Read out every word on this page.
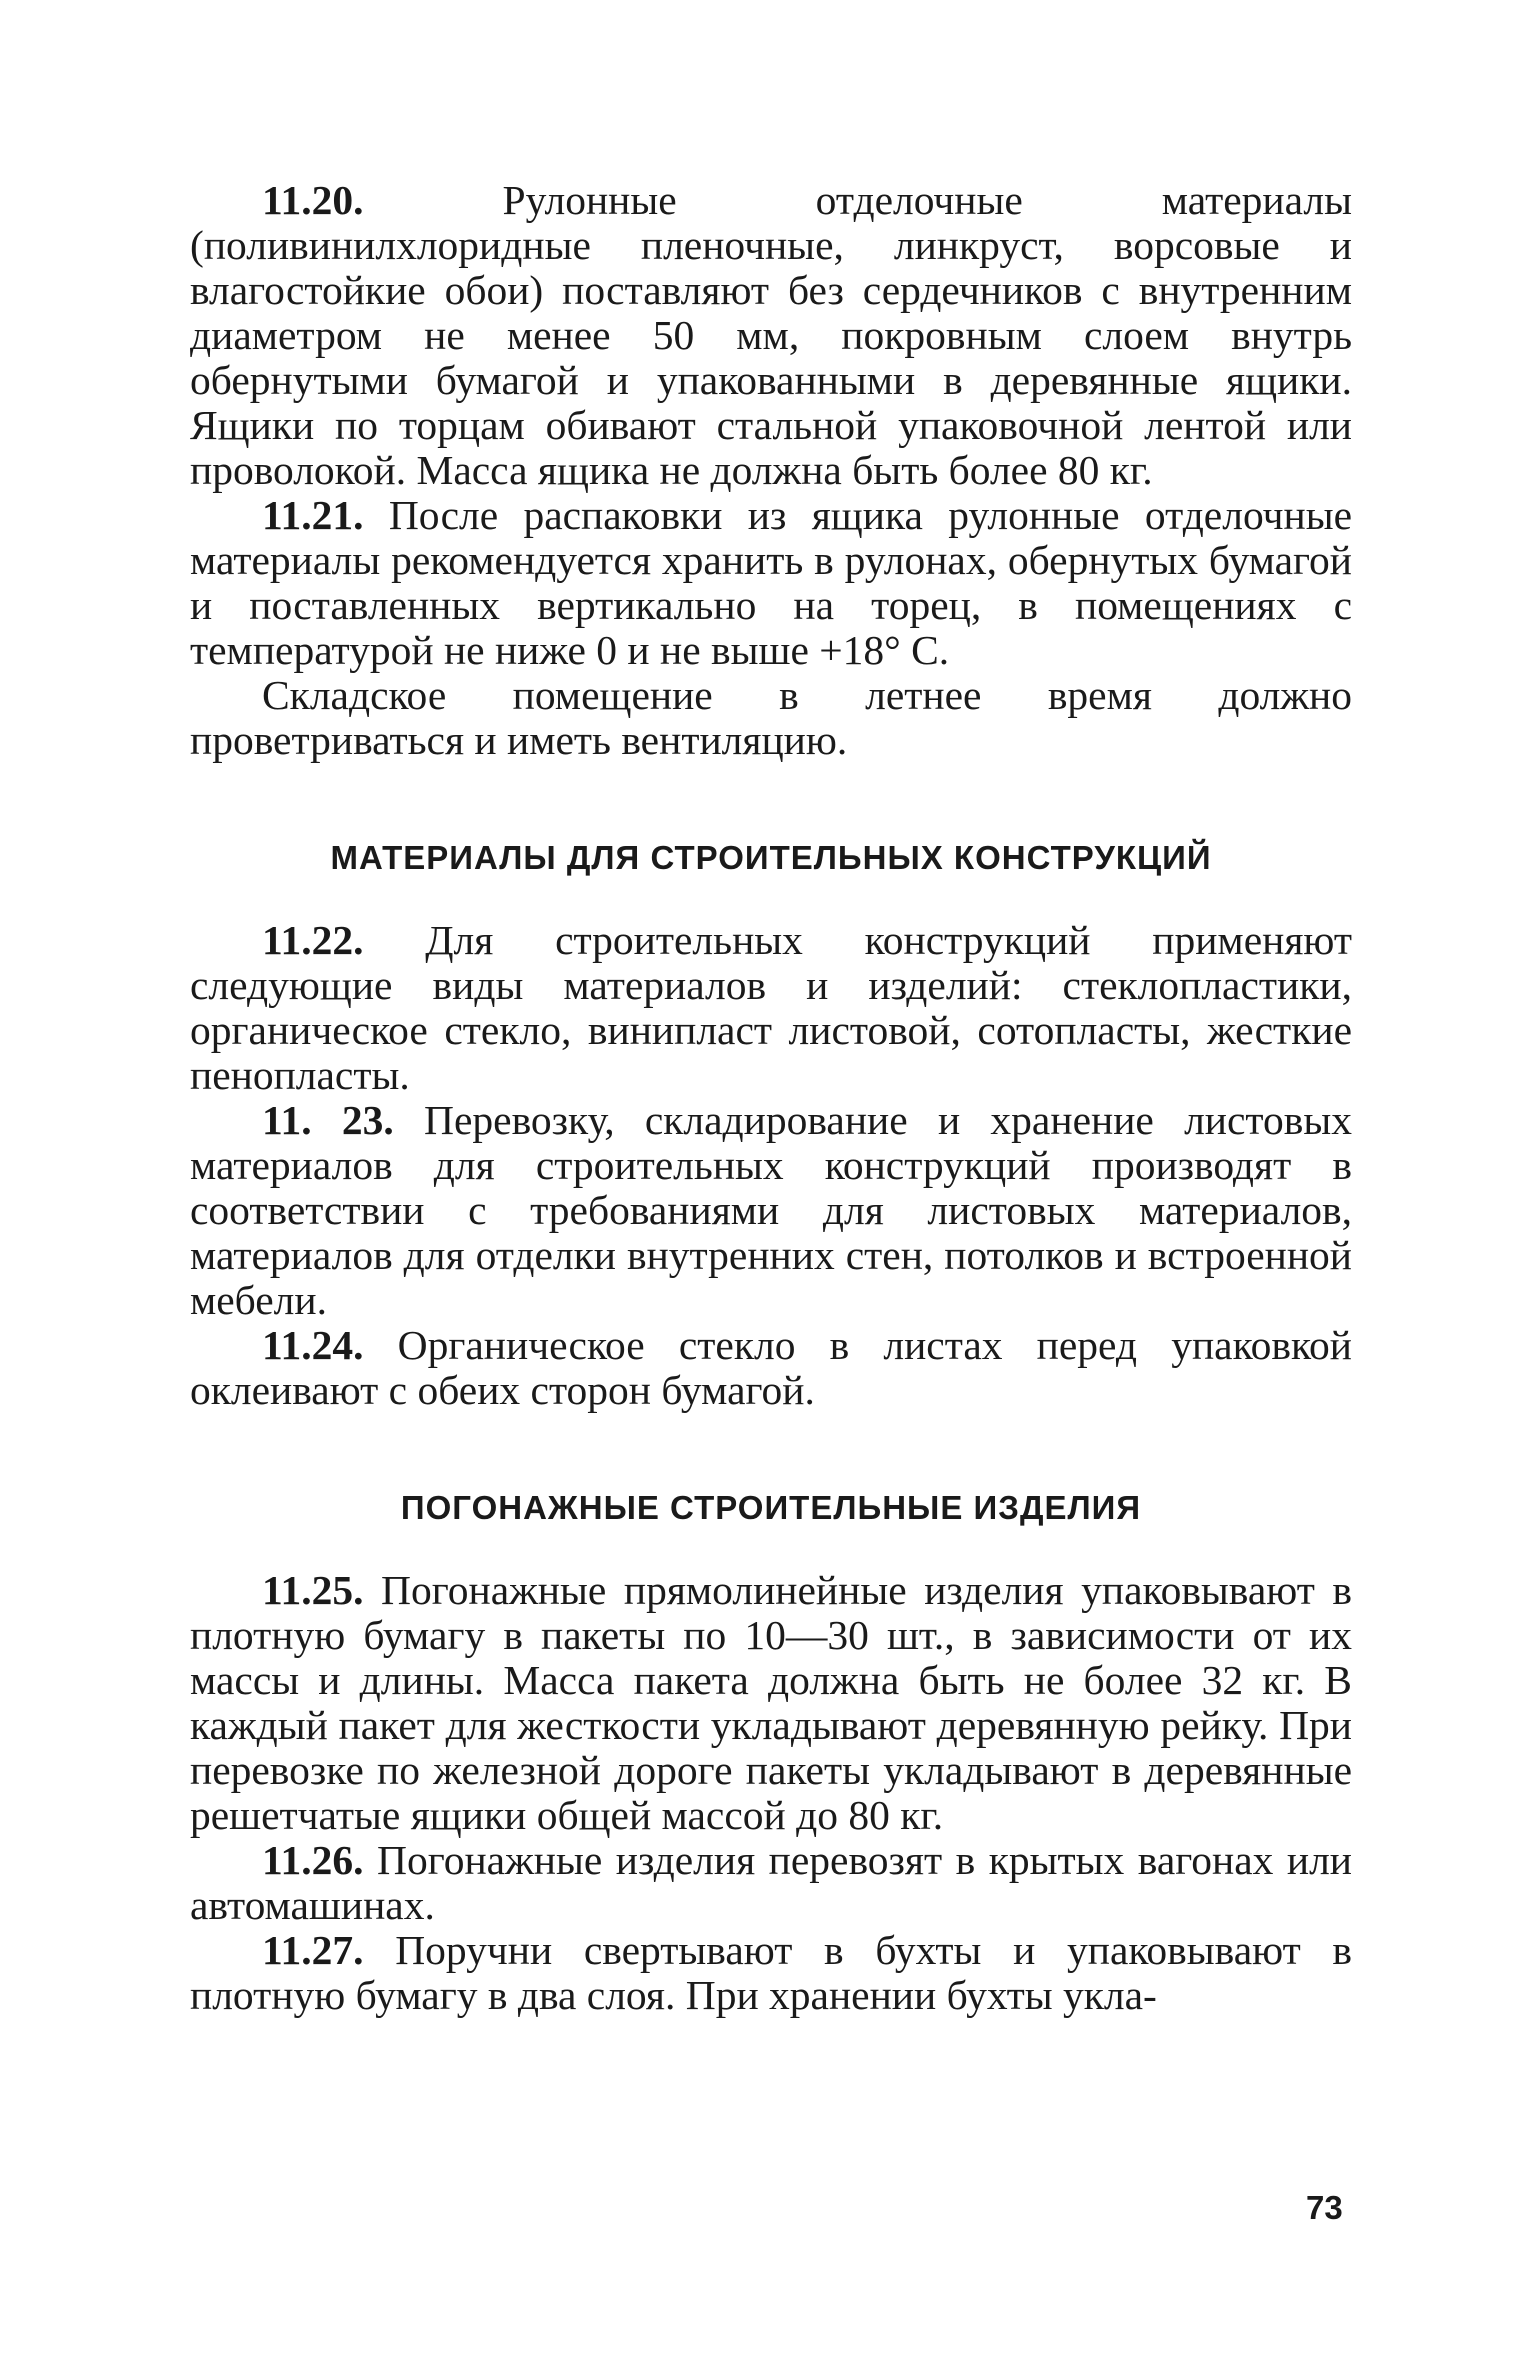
11.20.	Рулонные отделочные материалы (поливинилхлоридные пленочные, линкруст, ворсовые и влагостойкие обои) поставляют без сердечников с внутренним диаметром не менее 50 мм, покровным слоем внутрь обернутыми бумагой и упакованными в деревянные ящики. Ящики по торцам обивают стальной упаковочной лентой или проволокой. Масса ящика не должна быть более 80 кг.

11.21. После распаковки из ящика рулонные отделочные материалы рекомендуется хранить в рулонах, обернутых бумагой и поставленных вертикально на торец, в помещениях с температурой не ниже 0 и не выше +18° С.

Складское помещение в летнее время должно проветриваться и иметь вентиляцию.

МАТЕРИАЛЫ ДЛЯ СТРОИТЕЛЬНЫХ КОНСТРУКЦИЙ

11.22. Для строительных конструкций применяют следующие виды материалов и изделий: стеклопластики, органическое стекло, винипласт листовой, сотопласты, жесткие пенопласты.

11. 23. Перевозку, складирование и хранение листовых материалов для строительных конструкций производят в соответствии с требованиями для листовых материалов, материалов для отделки внутренних стен, потолков и встроенной мебели.

11.24. Органическое стекло в листах перед упаковкой оклеивают с обеих сторон бумагой.

ПОГОНАЖНЫЕ СТРОИТЕЛЬНЫЕ ИЗДЕЛИЯ

11.25. Погонажные прямолинейные изделия упаковывают в плотную бумагу в пакеты по 10—30 шт., в зависимости от их массы и длины. Масса пакета должна быть не более 32 кг. В каждый пакет для жесткости укладывают деревянную рейку. При перевозке по железной дороге пакеты укладывают в деревянные решетчатые ящики общей массой до 80 кг.

11.26. Погонажные изделия перевозят в крытых вагонах или автомашинах.

11.27. Поручни свертывают в бухты и упаковывают в плотную бумагу в два слоя. При хранении бухты укла-

73
